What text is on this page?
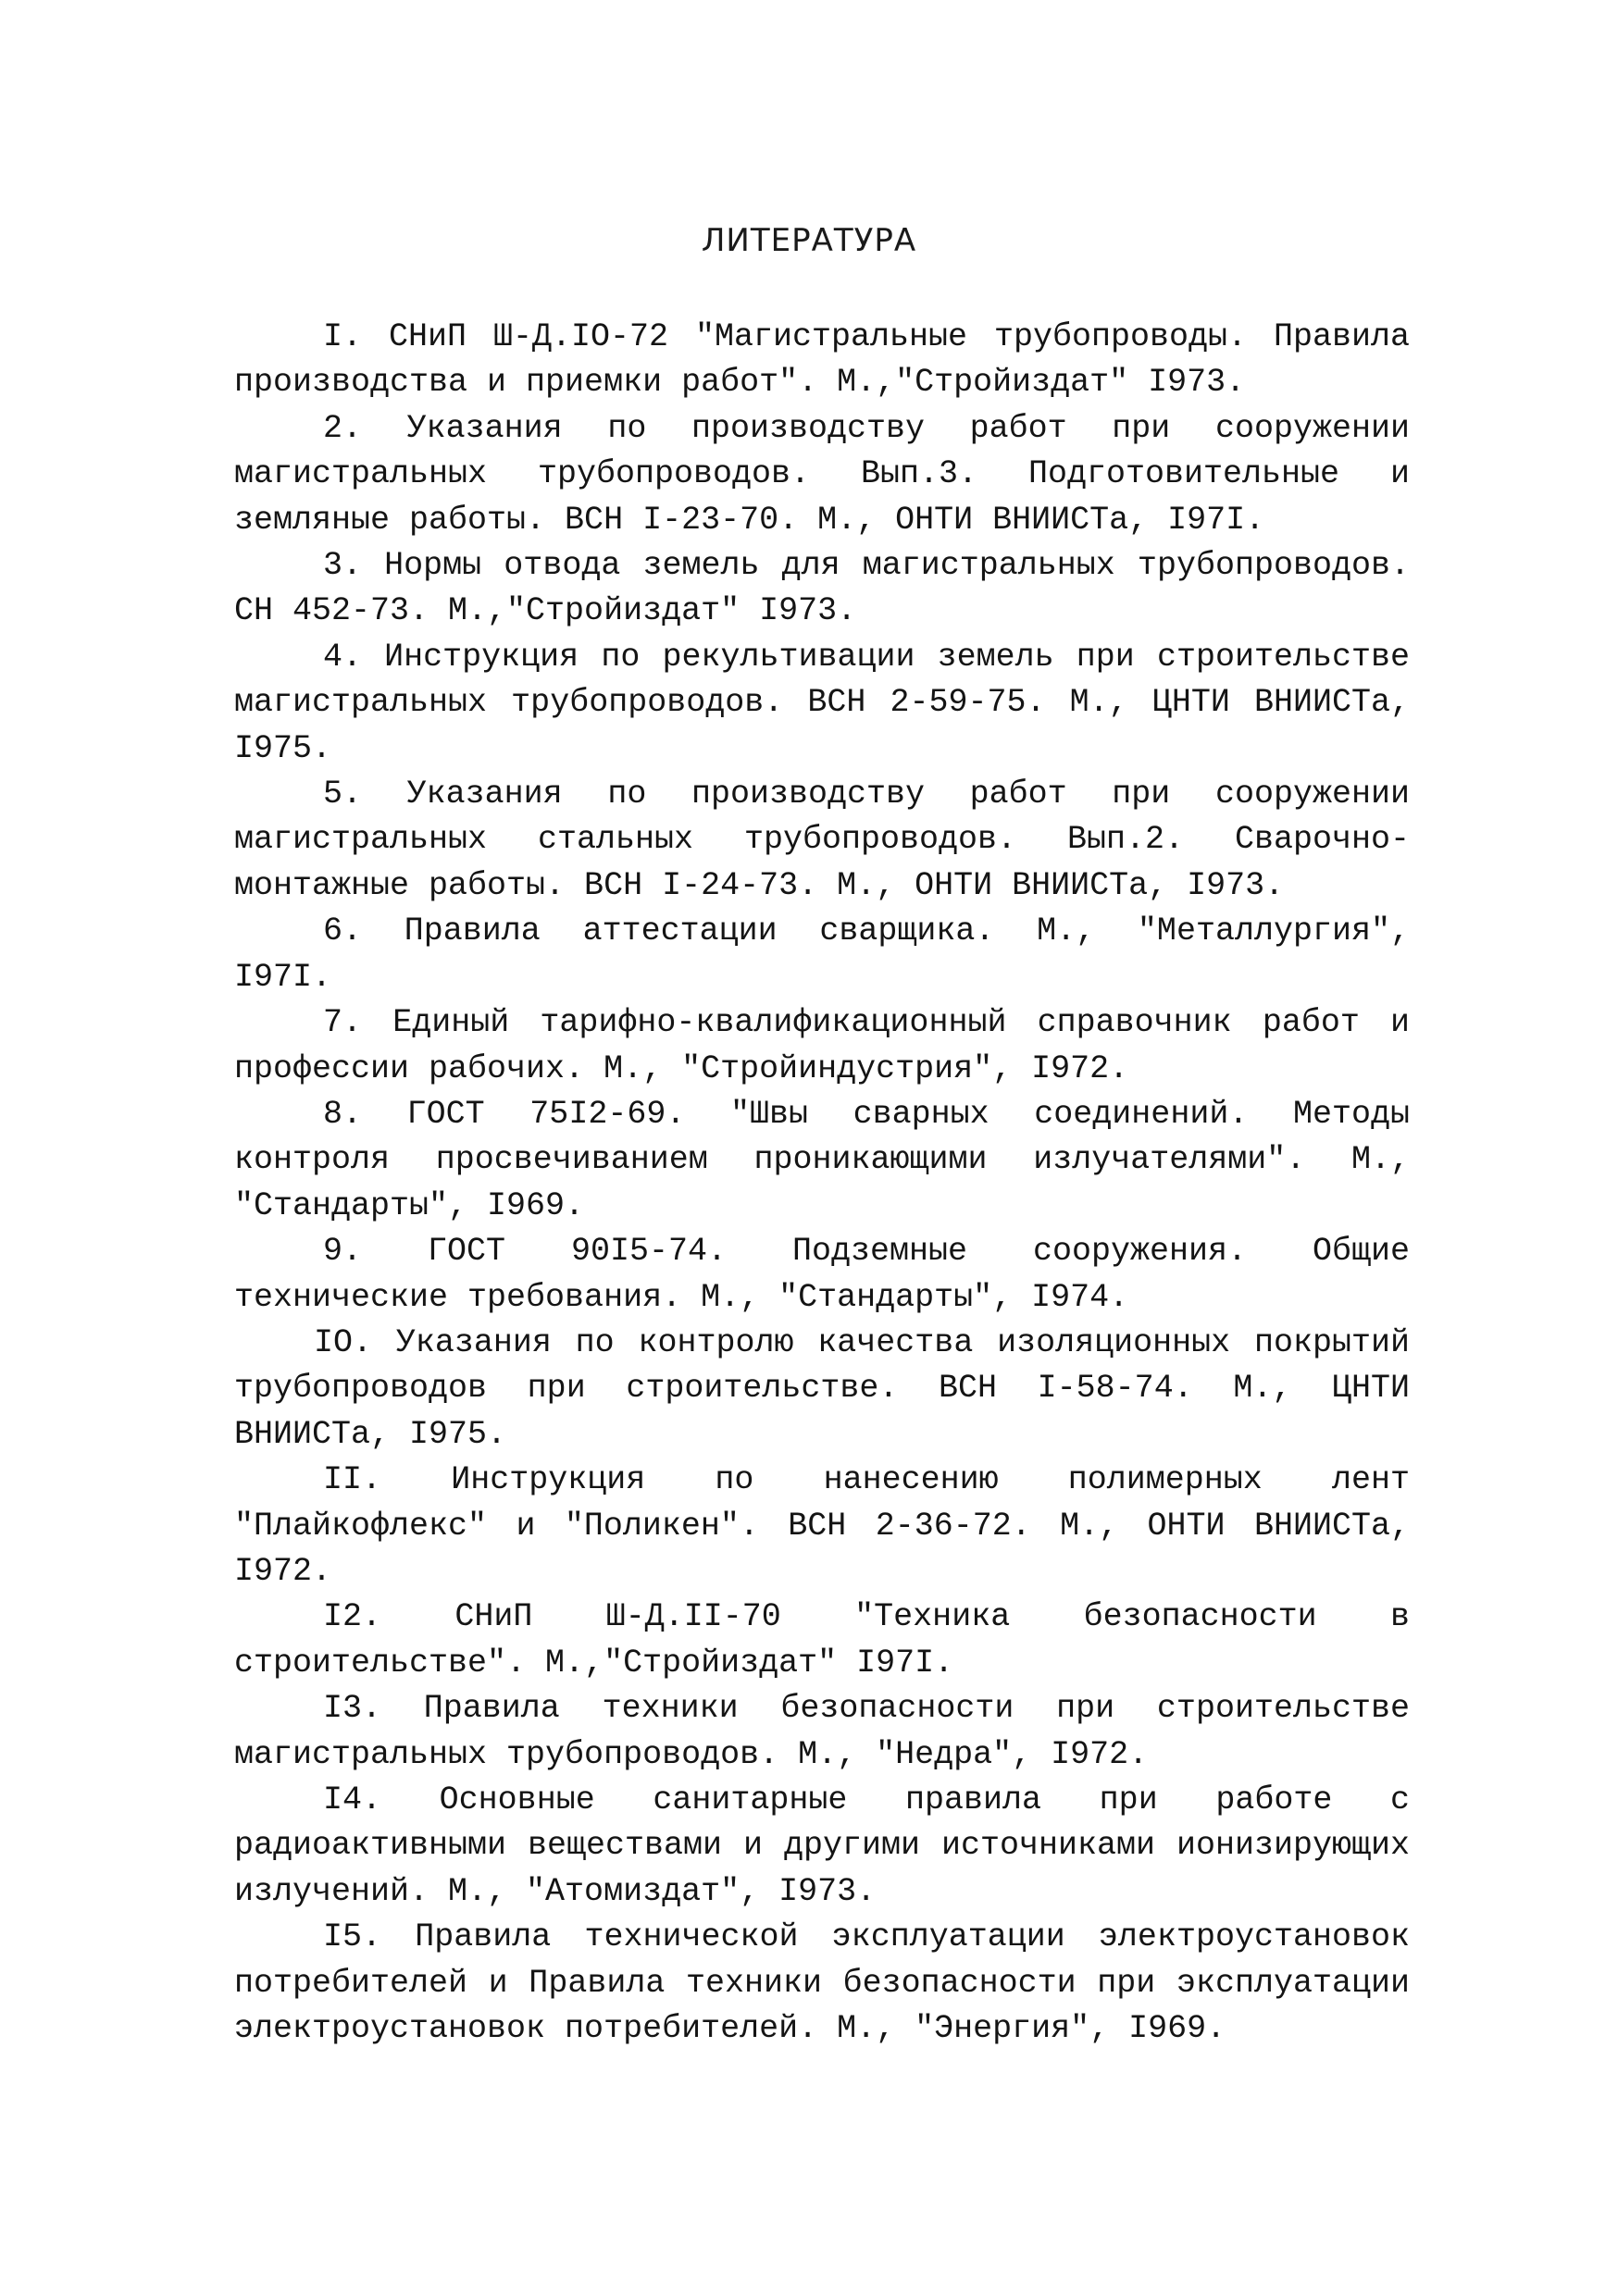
ЛИТЕРАТУРА

I. СНиП Ш-Д.IO-72 "Магистральные трубопроводы. Правила производства и приемки работ". М.,"Стройиздат" I973.

2. Указания по производству работ при сооружении магистральных трубопроводов. Вып.3. Подготовительные и земляные работы. ВСН I-23-70. М., ОНТИ ВНИИСТа, I97I.

3. Нормы отвода земель для магистральных трубопроводов. СН 452-73. М.,"Стройиздат" I973.

4. Инструкция по рекультивации земель при строительстве магистральных трубопроводов. ВСН 2-59-75. М., ЦНТИ ВНИИСТа, I975.

5. Указания по производству работ при сооружении магистральных стальных трубопроводов. Вып.2. Сварочно-монтажные работы. ВСН I-24-73. М., ОНТИ ВНИИСТа, I973.

6. Правила аттестации сварщика. М., "Металлургия", I97I.

7. Единый тарифно-квалификационный справочник работ и профессии рабочих. М., "Стройиндустрия", I972.

8. ГОСТ 75I2-69. "Швы сварных соединений. Методы контроля просвечиванием проникающими излучателями". М., "Стандарты", I969.

9. ГОСТ 90I5-74. Подземные сооружения. Общие технические требования. М., "Стандарты", I974.

IO. Указания по контролю качества изоляционных покрытий трубопроводов при строительстве. ВСН I-58-74. М., ЦНТИ ВНИИСТа, I975.

II. Инструкция по нанесению полимерных лент "Плайкофлекс" и "Поликен". ВСН 2-36-72. М., ОНТИ ВНИИСТа, I972.

I2. СНиП Ш-Д.II-70 "Техника безопасности в строительстве". М.,"Стройиздат" I97I.

I3. Правила техники безопасности при строительстве магистральных трубопроводов. М., "Недра", I972.

I4. Основные санитарные правила при работе с радиоактивными веществами и другими источниками ионизирующих излучений. М., "Атомиздат", I973.

I5. Правила технической эксплуатации электроустановок потребителей и Правила техники безопасности при эксплуатации электроустановок потребителей. М., "Энергия", I969.
